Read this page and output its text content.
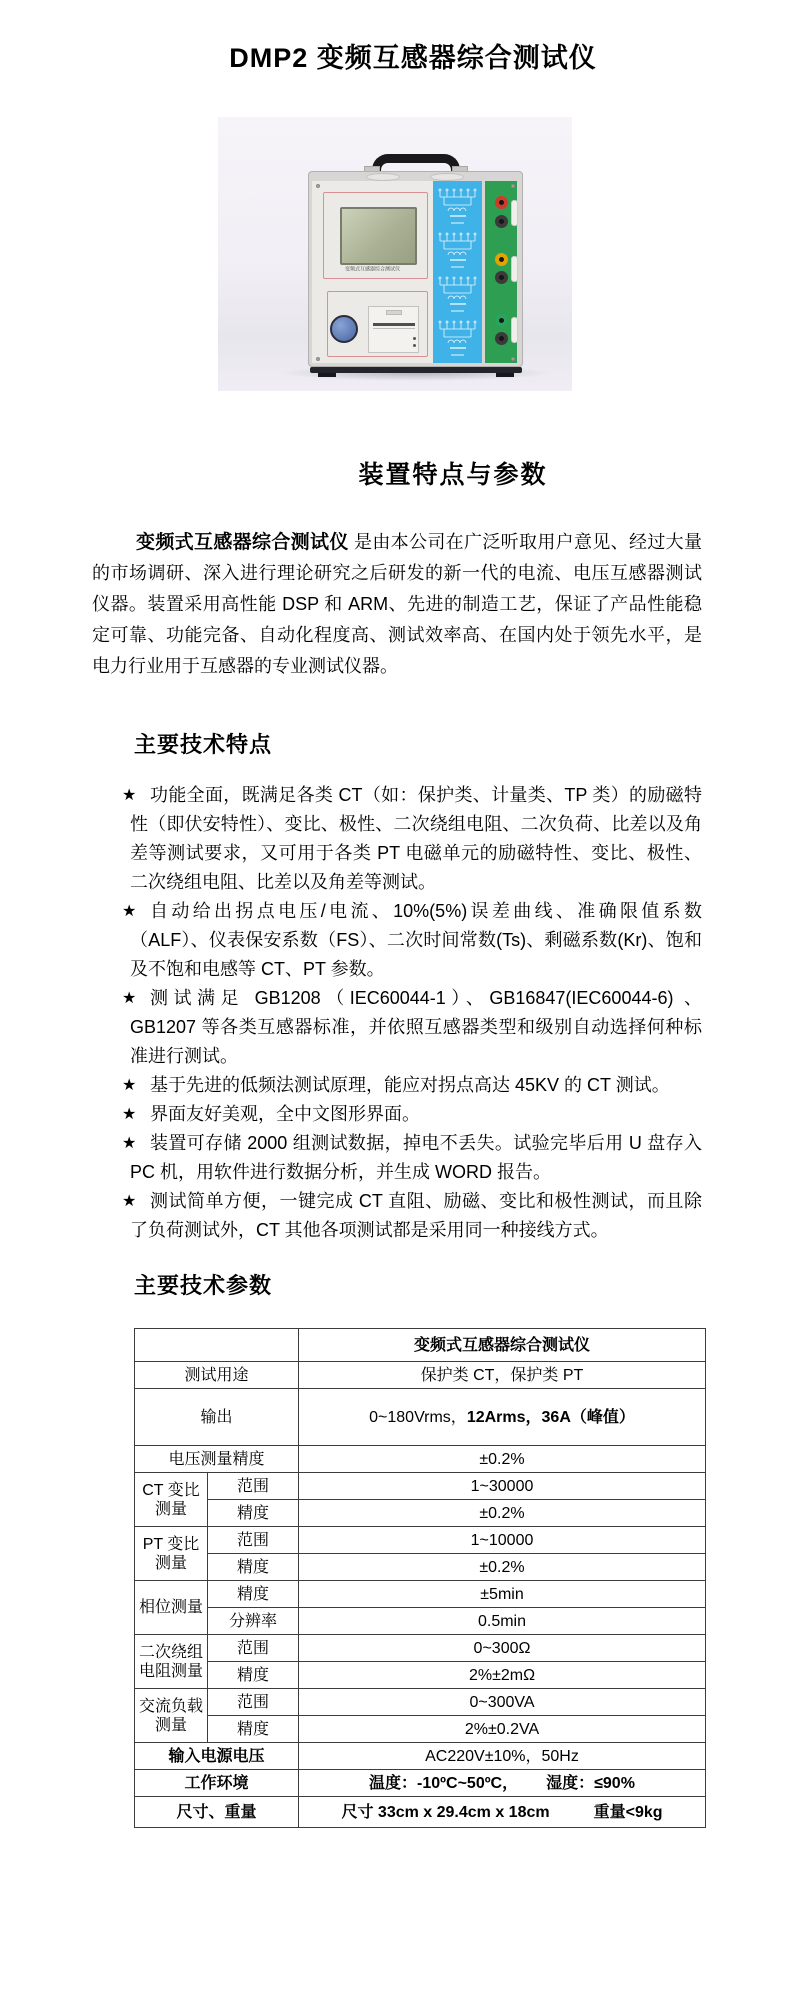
DMP2 变频互感器综合测试仪
变频式互感器综合测试仪
装置特点与参数

变频式互感器综合测试仪 是由本公司在广泛听取用户意见、经过大量的市场调研、深入进行理论研究之后研发的新一代的电流、电压互感器测试仪器。装置采用高性能 DSP 和 ARM、先进的制造工艺，保证了产品性能稳定可靠、功能完备、自动化程度高、测试效率高、在国内处于领先水平，是电力行业用于互感器的专业测试仪器。

主要技术特点
★ 功能全面，既满足各类 CT（如：保护类、计量类、TP 类）的励磁特性（即伏安特性）、变比、极性、二次绕组电阻、二次负荷、比差以及角差等测试要求，又可用于各类 PT 电磁单元的励磁特性、变比、极性、二次绕组电阻、比差以及角差等测试。
★ 自动给出拐点电压/电流、10%(5%)误差曲线、准确限值系数（ALF）、仪表保安系数（FS）、二次时间常数(Ts)、剩磁系数(Kr)、饱和及不饱和电感等 CT、PT 参数。
★ 测试满足 GB1208（IEC60044-1）、GB16847(IEC60044-6) 、GB1207 等各类互感器标准，并依照互感器类型和级别自动选择何种标准进行测试。
★ 基于先进的低频法测试原理，能应对拐点高达 45KV 的 CT 测试。
★ 界面友好美观，全中文图形界面。
★ 装置可存储 2000 组测试数据，掉电不丢失。试验完毕后用 U 盘存入 PC 机，用软件进行数据分析，并生成 WORD 报告。
★ 测试简单方便，一键完成 CT 直阻、励磁、变比和极性测试，而且除了负荷测试外，CT 其他各项测试都是采用同一种接线方式。
主要技术参数
		变频式互感器综合测试仪
测试用途		保护类 CT，保护类 PT
输出		0~180Vrms，12Arms，36A（峰值）
电压测量精度		±0.2%
CT 变比测量	范围	1~30000
	精度	±0.2%
PT 变比测量	范围	1~10000
	精度	±0.2%
相位测量	精度	±5min
	分辨率	0.5min
二次绕组电阻测量	范围	0~300Ω
	精度	2%±2mΩ
交流负载测量	范围	0~300VA
	精度	2%±0.2VA
输入电源电压		AC220V±10%，50Hz
工作环境		温度：-10ºC~50ºC， 湿度：≤90%
尺寸、重量		尺寸 33cm x 29.4cm x 18cm 重量<9kg
